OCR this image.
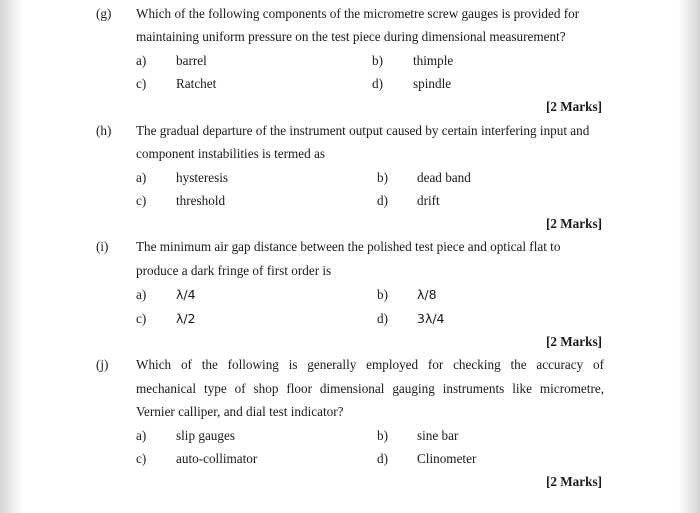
(g) Which of the following components of the micrometre screw gauges is provided for
maintaining uniform pressure on the test piece during dimensional measurement?
a) barrel	b) thimple
c) Ratchet	d) spindle
[2 Marks]
(h) The gradual departure of the instrument output caused by certain interfering input and
component instabilities is termed as
a) hysteresis	b) dead band
c) threshold	d) drift
[2 Marks]
(i) The minimum air gap distance between the polished test piece and optical flat to
produce a dark fringe of first order is
a) λ/4	b) λ/8
c) λ/2	d) 3λ/4
[2 Marks]
(j) Which of the following is generally employed for checking the accuracy of
mechanical type of shop floor dimensional gauging instruments like micrometre,
Vernier calliper, and dial test indicator?
a) slip gauges	b) sine bar
c) auto-collimator	d) Clinometer
[2 Marks]
